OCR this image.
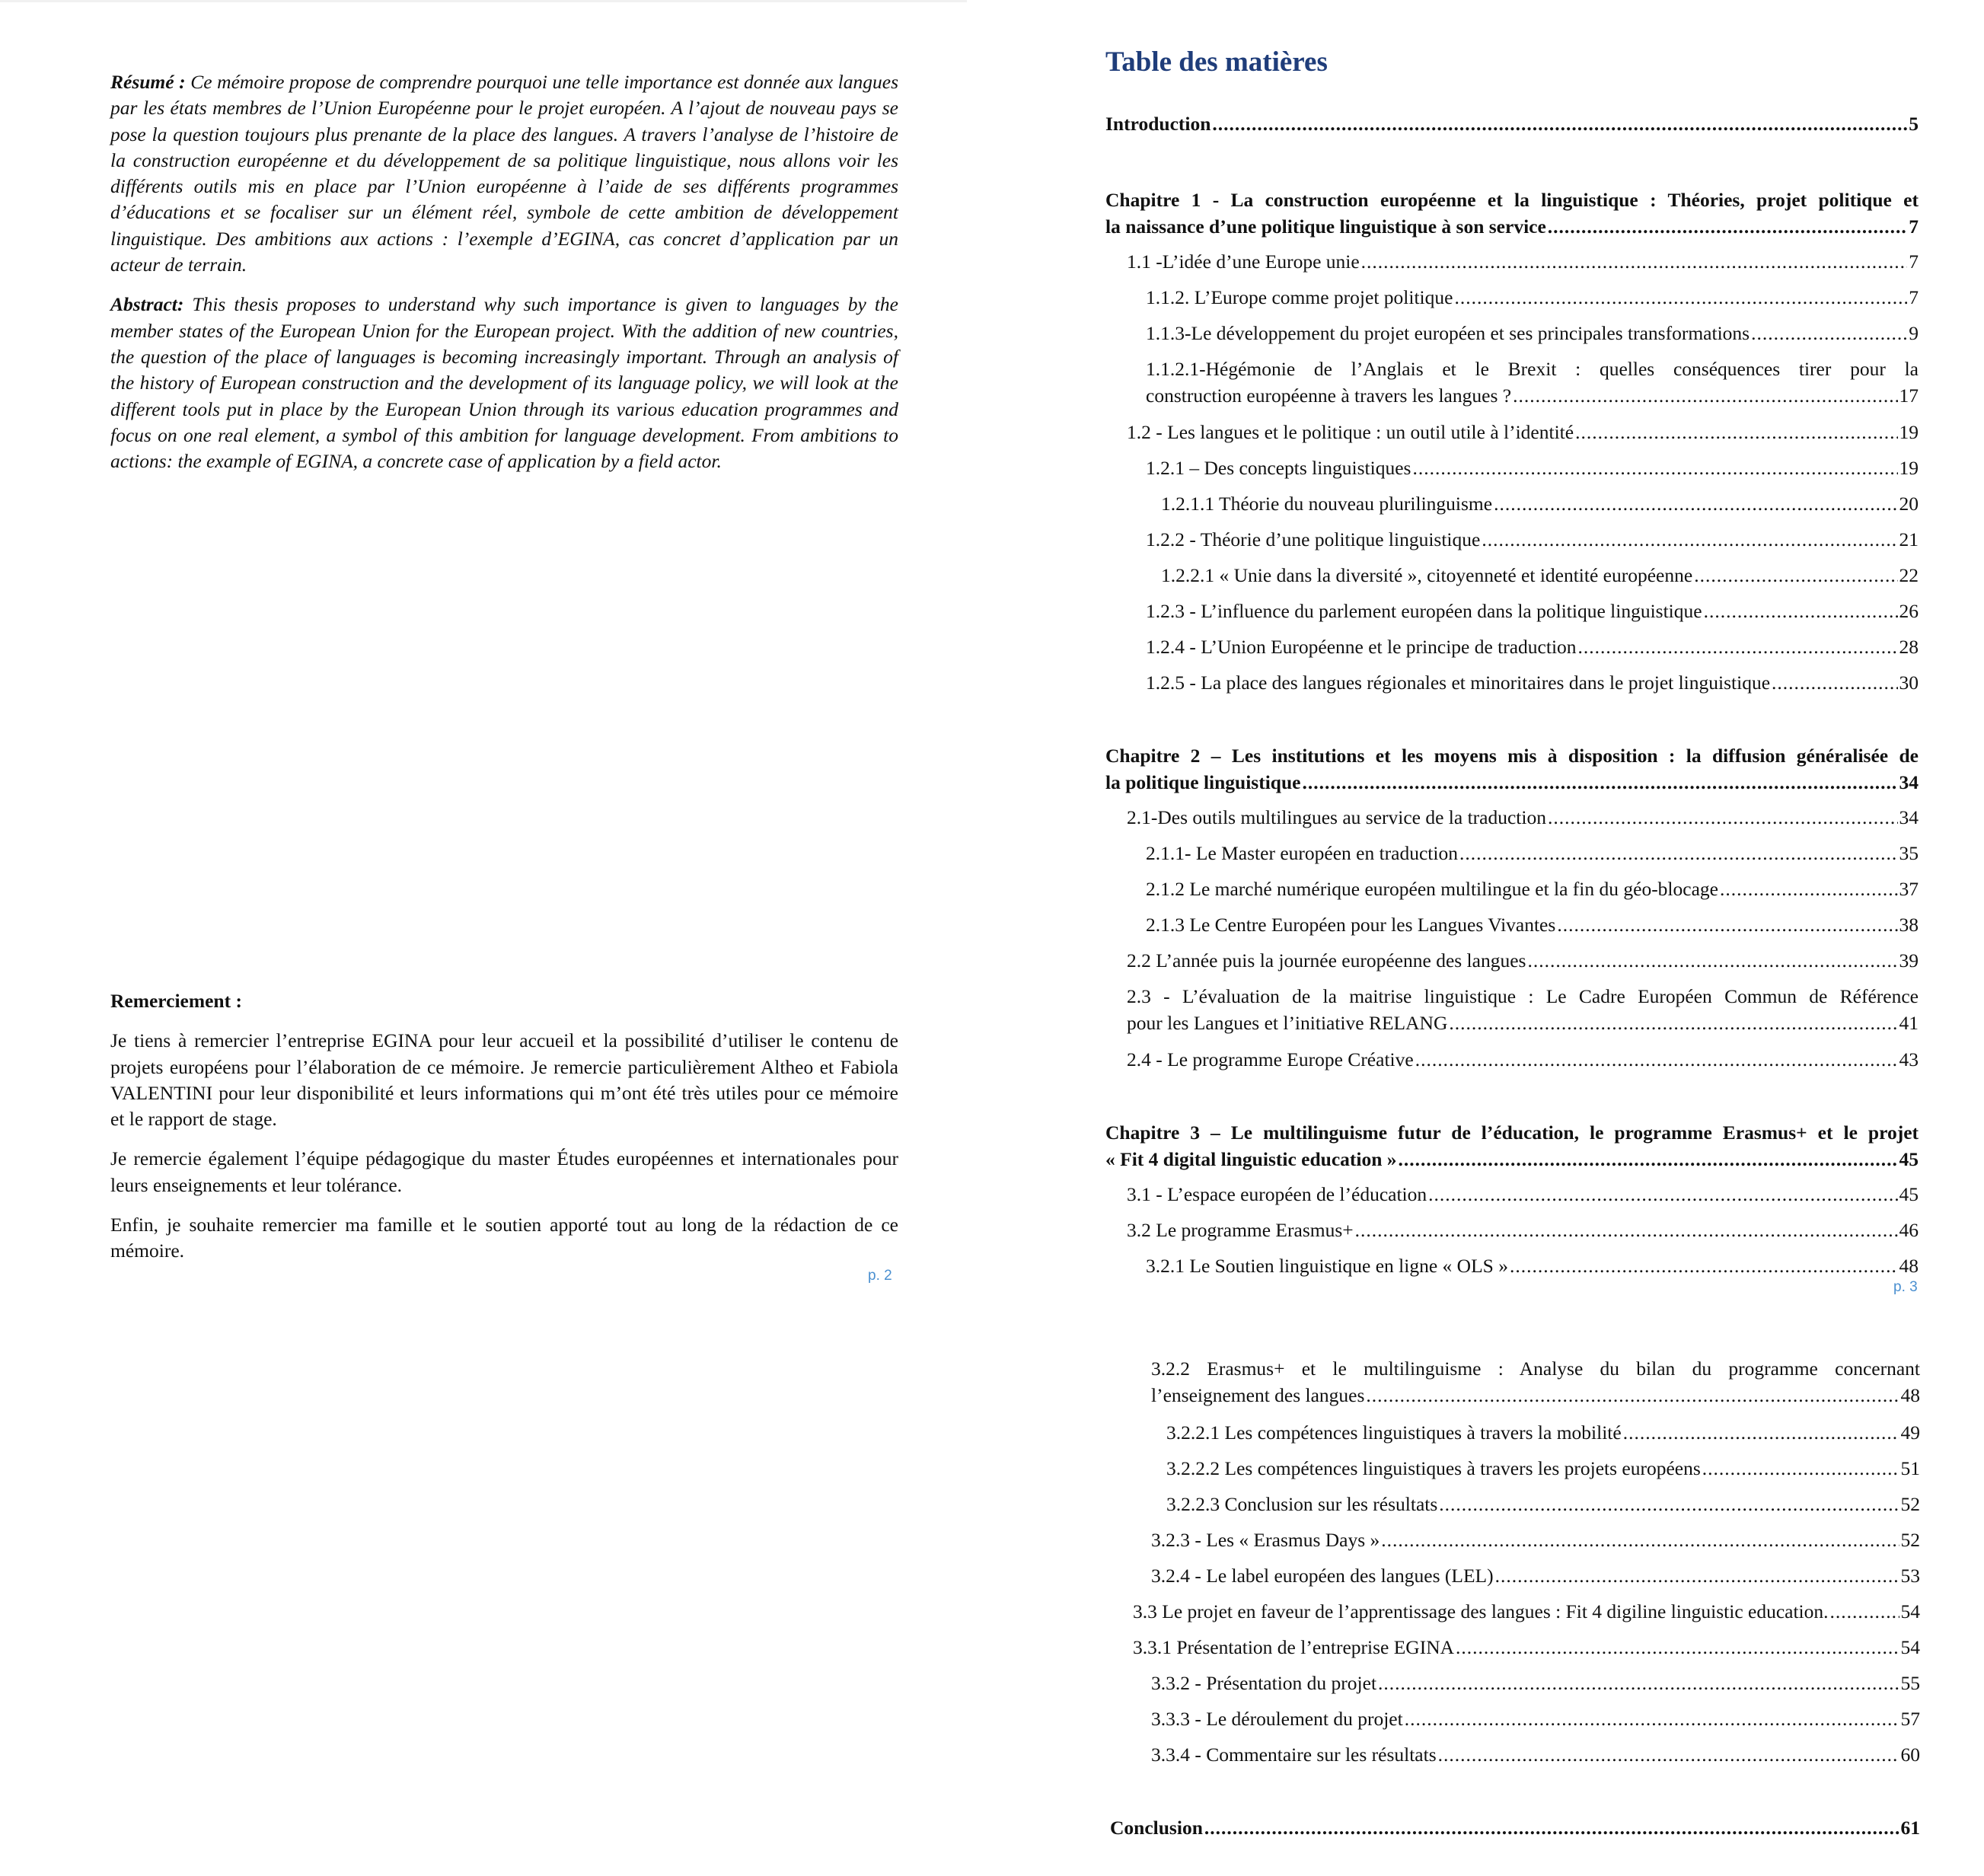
Résumé : Ce mémoire propose de comprendre pourquoi une telle importance est donnée aux langues par les états membres de l’Union Européenne pour le projet européen. A l’ajout de nouveau pays se pose la question toujours plus prenante de la place des langues. A travers l’analyse de l’histoire de la construction européenne et du développement de sa politique linguistique, nous allons voir les différents outils mis en place par l’Union européenne à l’aide de ses différents programmes d’éducations et se focaliser sur un élément réel, symbole de cette ambition de développement linguistique. Des ambitions aux actions : l’exemple d’EGINA, cas concret d’application par un acteur de terrain.

Abstract: This thesis proposes to understand why such importance is given to languages by the member states of the European Union for the European project. With the addition of new countries, the question of the place of languages is becoming increasingly important. Through an analysis of the history of European construction and the development of its language policy, we will look at the different tools put in place by the European Union through its various education programmes and focus on one real element, a symbol of this ambition for language development. From ambitions to actions: the example of EGINA, a concrete case of application by a field actor.

Remerciement :

Je tiens à remercier l’entreprise EGINA pour leur accueil et la possibilité d’utiliser le contenu de projets européens pour l’élaboration de ce mémoire. Je remercie particulièrement Altheo et Fabiola VALENTINI pour leur disponibilité et leurs informations qui m’ont été très utiles pour ce mémoire et le rapport de stage.

Je remercie également l’équipe pédagogique du master Études européennes et internationales pour leurs enseignements et leur tolérance.

Enfin, je souhaite remercier ma famille et le soutien apporté tout au long de la rédaction de ce mémoire.

p. 2
Table des matières
Introduction .....	5
Chapitre 1 - La construction européenne et la linguistique : Théories, projet politique et
la naissance d’une politique linguistique à son service .....	7
1.1 -L’idée d’une Europe unie .....	7
1.1.2. L’Europe comme projet politique .....	7
1.1.3-Le développement du projet européen et ses principales transformations .....	9
1.1.2.1-Hégémonie de l’Anglais et le Brexit : quelles conséquences tirer pour la
construction européenne à travers les langues ? .....	17
1.2 - Les langues et le politique : un outil utile à l’identité .....	19
1.2.1 – Des concepts linguistiques .....	19
1.2.1.1 Théorie du nouveau plurilinguisme .....	20
1.2.2 - Théorie d’une politique linguistique .....	21
1.2.2.1 « Unie dans la diversité », citoyenneté et identité européenne .....	22
1.2.3 - L’influence du parlement européen dans la politique linguistique .....	26
1.2.4 - L’Union Européenne et le principe de traduction .....	28
1.2.5 - La place des langues régionales et minoritaires dans le projet linguistique .....	30
Chapitre 2 – Les institutions et les moyens mis à disposition : la diffusion généralisée de
la politique linguistique .....	34
2.1-Des outils multilingues au service de la traduction .....	34
2.1.1- Le Master européen en traduction .....	35
2.1.2 Le marché numérique européen multilingue et la fin du géo-blocage .....	37
2.1.3 Le Centre Européen pour les Langues Vivantes .....	38
2.2 L’année puis la journée européenne des langues .....	39
2.3 - L’évaluation de la maitrise linguistique : Le Cadre Européen Commun de Référence
pour les Langues et l’initiative RELANG .....	41
2.4 - Le programme Europe Créative .....	43
Chapitre 3 – Le multilinguisme futur de l’éducation, le programme Erasmus+ et le projet
« Fit 4 digital linguistic education » .....	45
3.1 - L’espace européen de l’éducation .....	45
3.2 Le programme Erasmus+ .....	46
3.2.1 Le Soutien linguistique en ligne « OLS » .....	48
3.2.2 Erasmus+ et le multilinguisme : Analyse du bilan du programme concernant
l’enseignement des langues .....	48
3.2.2.1 Les compétences linguistiques à travers la mobilité .....	49
3.2.2.2 Les compétences linguistiques à travers les projets européens .....	51
3.2.2.3 Conclusion sur les résultats .....	52
3.2.3 - Les « Erasmus Days » .....	52
3.2.4 - Le label européen des langues (LEL) .....	53
3.3 Le projet en faveur de l’apprentissage des langues : Fit 4 digiline linguistic education. .....	54
3.3.1 Présentation de l’entreprise EGINA .....	54
3.3.2 - Présentation du projet .....	55
3.3.3 - Le déroulement du projet .....	57
3.3.4 - Commentaire sur les résultats .....	60
Conclusion .....	61
p. 3
